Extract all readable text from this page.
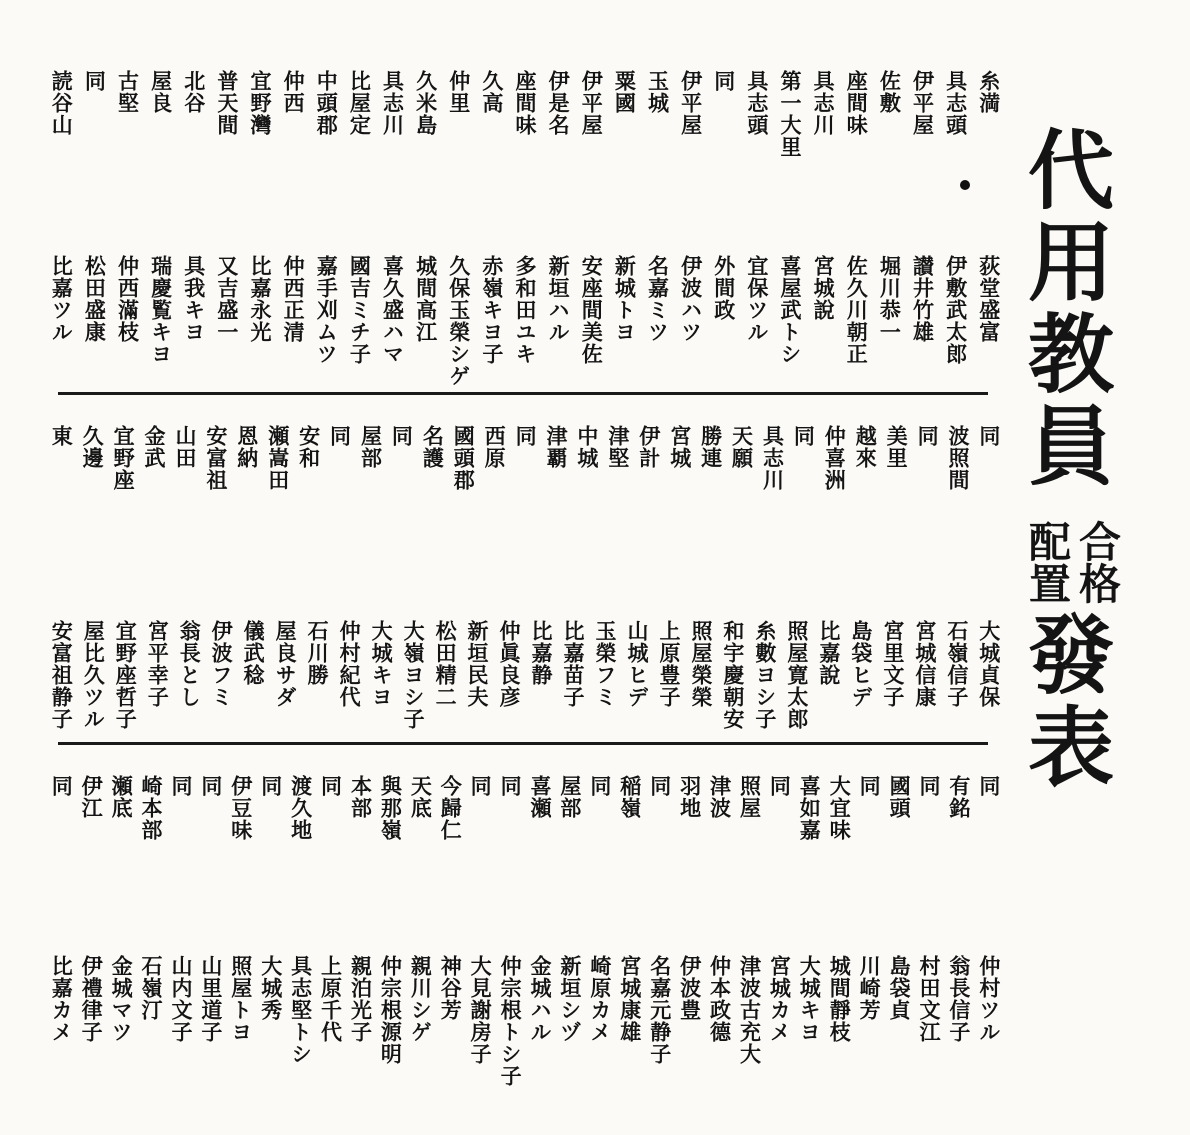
代用教員
合格
配置
發表
糸満
具志頭
伊平屋
佐敷
座間味
具志川
第一大里
具志頭
同
伊平屋
玉城
粟國
伊平屋
伊是名
座間味
久高
仲里
久米島
具志川
比屋定
中頭郡
仲西
宜野灣
普天間
北谷
屋良
古堅
同
読谷山
荻堂盛富
伊敷武太郎
讃井竹雄
堀川恭一
佐久川朝正
宮城說
喜屋武トシ
宜保ツル
外間政
伊波ハツ
名嘉ミツ
新城トヨ
安座間美佐
新垣ハル
多和田ユキ
赤嶺キヨ子
久保玉榮シゲ
城間高江
喜久盛ハマ
國吉ミチ子
嘉手刈ムツ
仲西正清
比嘉永光
又吉盛一
具我キヨ
瑞慶覧キヨ
仲西滿枝
松田盛康
比嘉ツル
同
波照間
同
美里
越來
仲喜洲
同
具志川
天願
勝連
宮城
伊計
津堅
中城
津覇
同
西原
國頭郡
名護
同
屋部
同
安和
瀬嵩田
恩納
安富祖
山田
金武
宜野座
久邊
東
大城貞保
石嶺信子
宮城信康
宮里文子
島袋ヒデ
比嘉說
照屋寛太郎
糸數ヨシ子
和宇慶朝安
照屋榮榮
上原豊子
山城ヒデ
玉榮フミ
比嘉苗子
比嘉静
仲眞良彦
新垣民夫
松田精二
大嶺ヨシ子
大城キヨ
仲村紀代
石川勝
屋良サダ
儀武稔
伊波フミ
翁長とし
宮平幸子
宜野座哲子
屋比久ツル
安富祖静子
同
有銘
同
國頭
同
大宜味
喜如嘉
同
照屋
津波
羽地
同
稲嶺
同
屋部
喜瀬
同
同
今歸仁
天底
與那嶺
本部
同
渡久地
同
伊豆味
同
同
崎本部
瀬底
伊江
同
仲村ツル
翁長信子
村田文江
島袋貞
川崎芳
城間靜枝
大城キヨ
宮城カメ
津波古充大
仲本政德
伊波豊
名嘉元静子
宮城康雄
崎原カメ
新垣シヅ
金城ハル
仲宗根トシ子
大見謝房子
神谷芳
親川シゲ
仲宗根源明
親泊光子
上原千代
具志堅トシ
大城秀
照屋トヨ
山里道子
山内文子
石嶺汀
金城マツ
伊禮律子
比嘉カメ
